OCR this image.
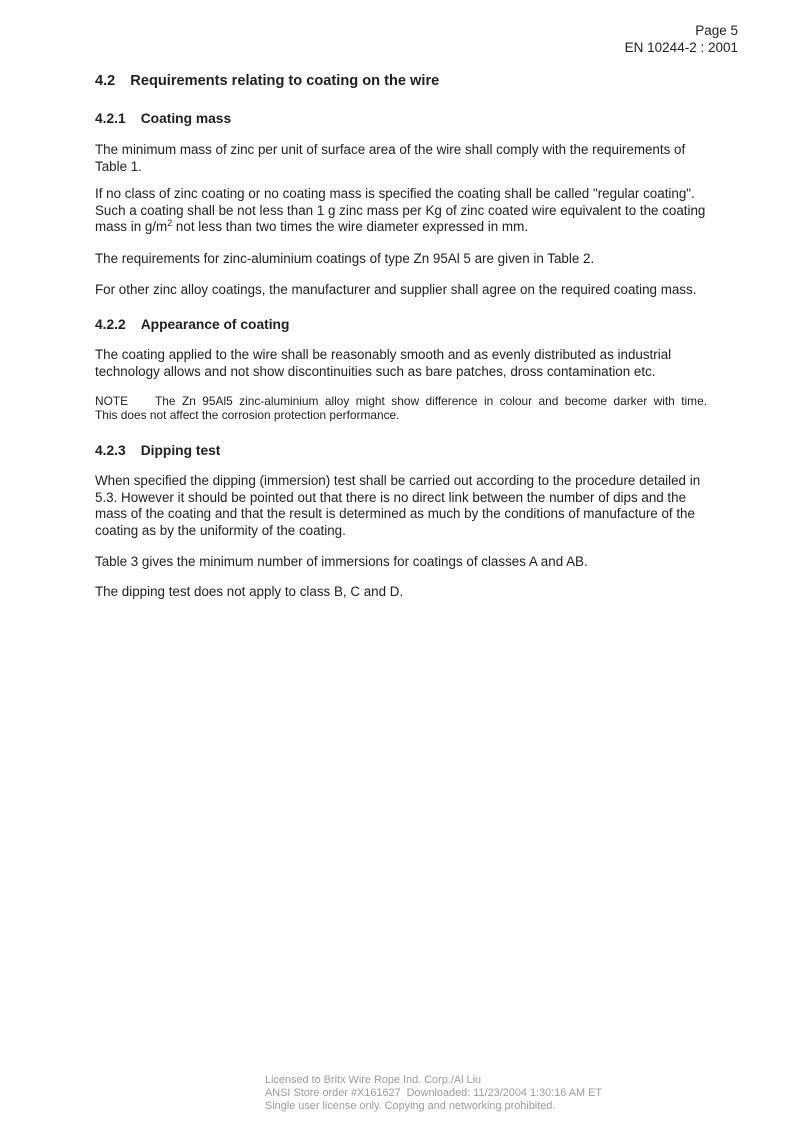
Page 5
EN 10244-2 : 2001
4.2 Requirements relating to coating on the wire
4.2.1 Coating mass

The minimum mass of zinc per unit of surface area of the wire shall comply with the requirements of Table 1.

If no class of zinc coating or no coating mass is specified the coating shall be called "regular coating". Such a coating shall be not less than 1 g zinc mass per Kg of zinc coated wire equivalent to the coating mass in $g/m^2$ not less than two times the wire diameter expressed in mm.

The requirements for zinc-aluminium coatings of type Zn 95Al 5 are given in Table 2.

For other zinc alloy coatings, the manufacturer and supplier shall agree on the required coating mass.

4.2.2 Appearance of coating

The coating applied to the wire shall be reasonably smooth and as evenly distributed as industrial technology allows and not show discontinuities such as bare patches, dross contamination etc.

NOTE The Zn 95Al5 zinc-aluminium alloy might show difference in colour and become darker with time. This does not affect the corrosion protection performance.

4.2.3 Dipping test

When specified the dipping (immersion) test shall be carried out according to the procedure detailed in 5.3. However it should be pointed out that there is no direct link between the number of dips and the mass of the coating and that the result is determined as much by the conditions of manufacture of the coating as by the uniformity of the coating.

Table 3 gives the minimum number of immersions for coatings of classes A and AB.

The dipping test does not apply to class B, C and D.

Licensed to Britx Wire Rope Ind. Corp./Al Liu
ANSI Store order #X161627  Downloaded: 11/23/2004 1:30:16 AM ET
Single user license only. Copying and networking prohibited.
